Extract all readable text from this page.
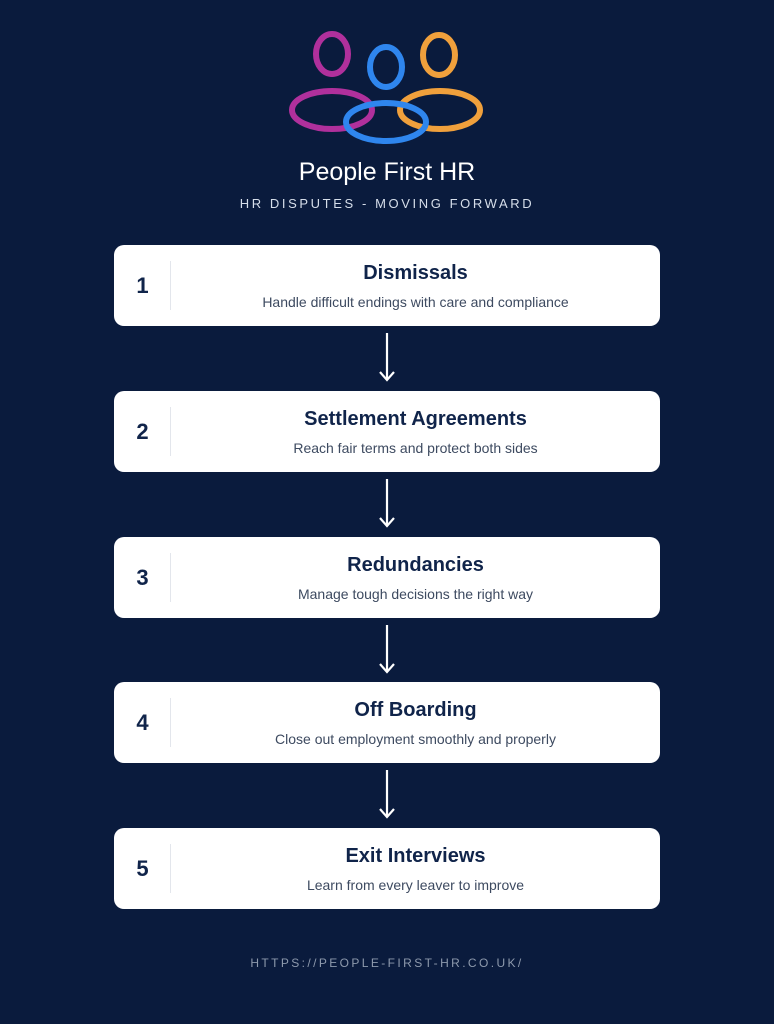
People First HR
HR DISPUTES - MOVING FORWARD
1	Dismissals
Handle difficult endings with care and compliance
2	Settlement Agreements
Reach fair terms and protect both sides
3	Redundancies
Manage tough decisions the right way
4	Off Boarding
Close out employment smoothly and properly
5	Exit Interviews
Learn from every leaver to improve
HTTPS://PEOPLE-FIRST-HR.CO.UK/
